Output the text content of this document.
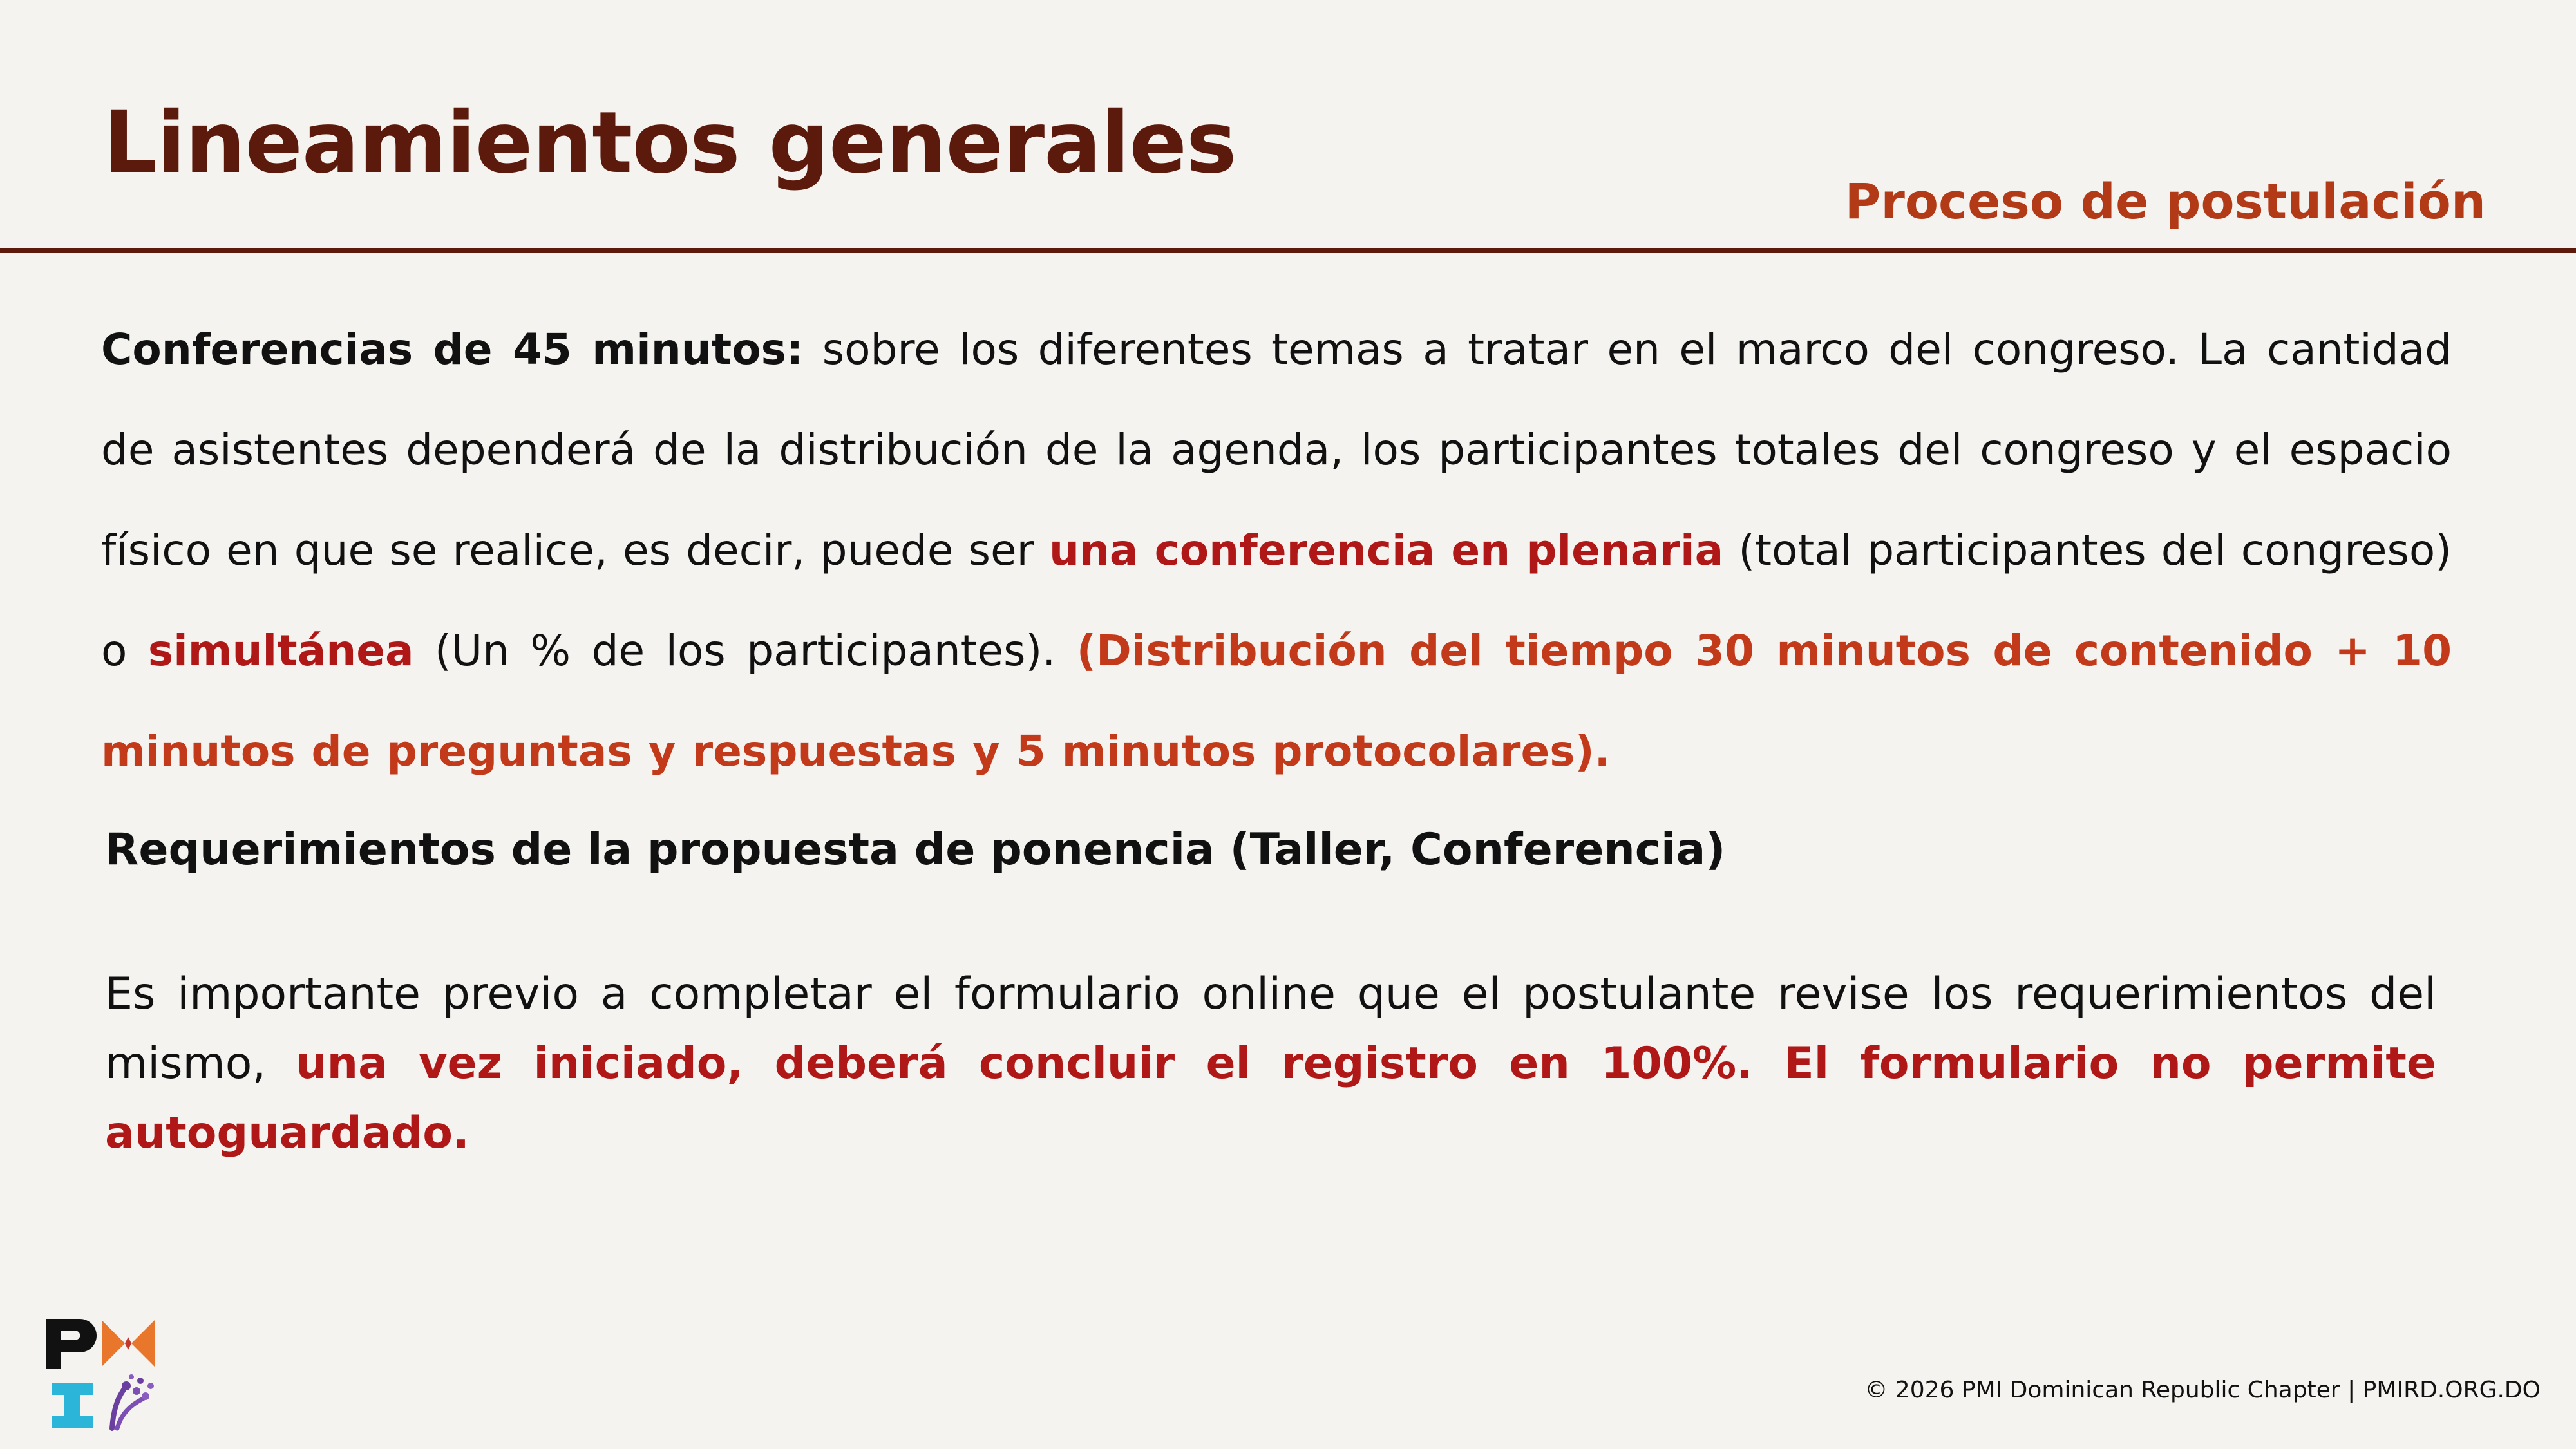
Lineamientos generales
Proceso de postulación
Conferencias de 45 minutos: sobre los diferentes temas a tratar en el marco del congreso. La cantidad de asistentes dependerá de la distribución de la agenda, los participantes totales del congreso y el espacio físico en que se realice, es decir, puede ser una conferencia en plenaria (total participantes del congreso) o simultánea (Un % de los participantes). (Distribución del tiempo 30 minutos de contenido + 10 minutos de preguntas y respuestas y 5 minutos protocolares).
Requerimientos de la propuesta de ponencia (Taller, Conferencia)
Es importante previo a completar el formulario online que el postulante revise los requerimientos del mismo, una vez iniciado, deberá concluir el registro en 100%. El formulario no permite autoguardado.
© 2026 PMI Dominican Republic Chapter | PMIRD.ORG.DO
